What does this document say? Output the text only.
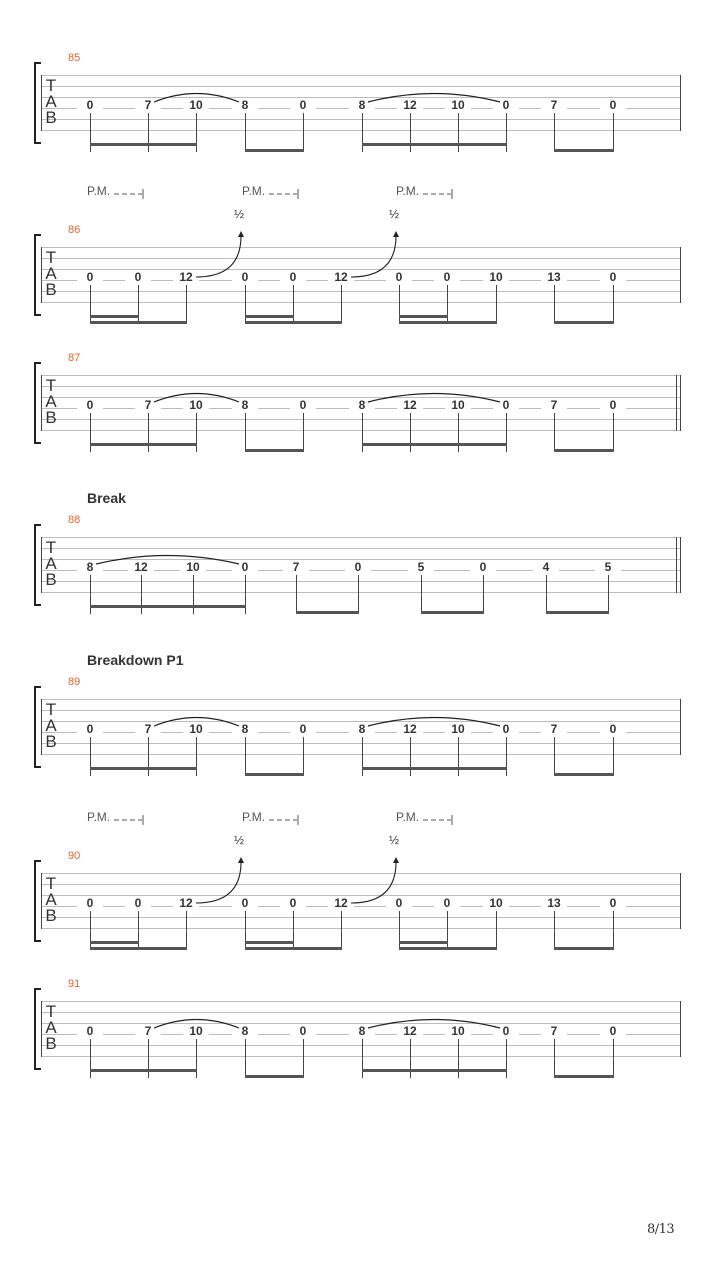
85
T
A
B
0	7	10	8	0	8	12	10	0	7	0
86
T
A
B
0	0	12	0	0	12	0	0	10	13	0
½	½
P.M.	P.M.	P.M.
87
T
A
B
0	7	10	8	0	8	12	10	0	7	0
Break
88
T
A
B
8	12	10	0	7	0	5	0	4	5
Breakdown P1
89
T
A
B
0	7	10	8	0	8	12	10	0	7	0
90
T
A
B
0	0	12	0	0	12	0	0	10	13	0
½	½
P.M.	P.M.	P.M.
91
T
A
B
0	7	10	8	0	8	12	10	0	7	0
8/13
